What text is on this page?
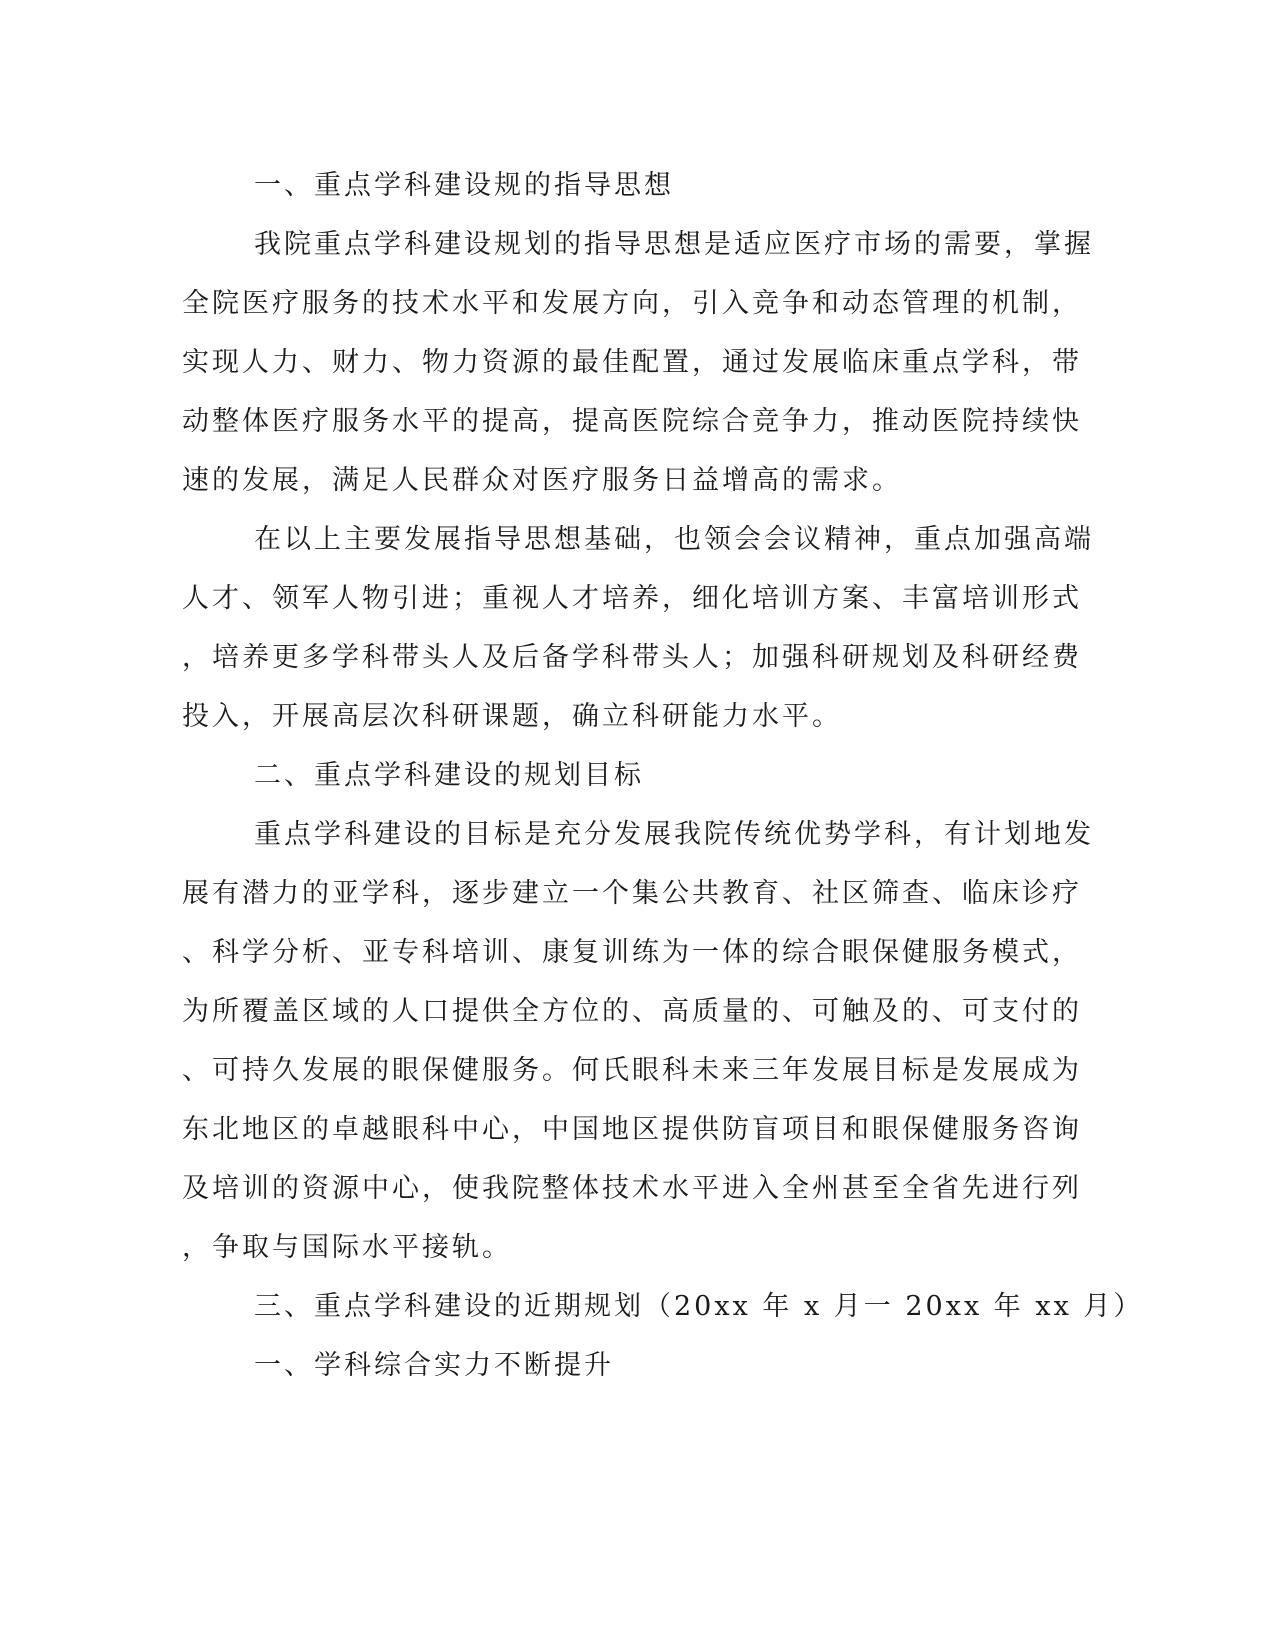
一、重点学科建设规的指导思想
我院重点学科建设规划的指导思想是适应医疗市场的需要，掌握
全院医疗服务的技术水平和发展方向，引入竞争和动态管理的机制，
实现人力、财力、物力资源的最佳配置，通过发展临床重点学科，带
动整体医疗服务水平的提高，提高医院综合竞争力，推动医院持续快
速的发展，满足人民群众对医疗服务日益增高的需求。
在以上主要发展指导思想基础，也领会会议精神，重点加强高端
人才、领军人物引进；重视人才培养，细化培训方案、丰富培训形式
，培养更多学科带头人及后备学科带头人；加强科研规划及科研经费
投入，开展高层次科研课题，确立科研能力水平。
二、重点学科建设的规划目标
重点学科建设的目标是充分发展我院传统优势学科，有计划地发
展有潜力的亚学科，逐步建立一个集公共教育、社区筛查、临床诊疗
、科学分析、亚专科培训、康复训练为一体的综合眼保健服务模式，
为所覆盖区域的人口提供全方位的、高质量的、可触及的、可支付的
、可持久发展的眼保健服务。何氏眼科未来三年发展目标是发展成为
东北地区的卓越眼科中心，中国地区提供防盲项目和眼保健服务咨询
及培训的资源中心，使我院整体技术水平进入全州甚至全省先进行列
，争取与国际水平接轨。
三、重点学科建设的近期规划（20xx 年 x 月一 20xx 年 xx 月）
一、学科综合实力不断提升
